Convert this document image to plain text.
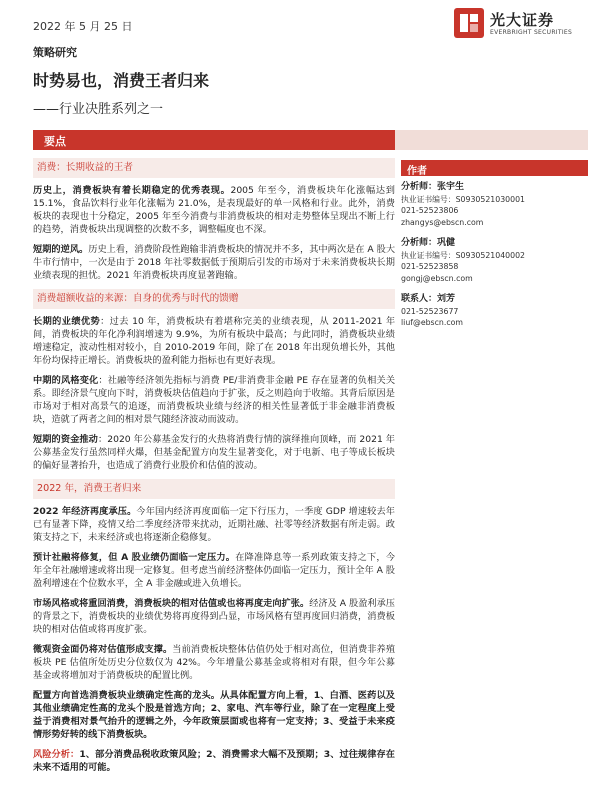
2022 年 5 月 25 日	光大证券
EVERBRIGHT SECURITIES
策略研究
时势易也，消费王者归来
——行业决胜系列之一
要点
消费：长期收益的王者
历史上，消费板块有着长期稳定的优秀表现。2005 年至今，消费板块年化涨幅达到 15.1%，食品饮料行业年化涨幅为 21.0%，是表现最好的单一风格和行业。此外，消费板块的表现也十分稳定，2005 年至今消费与非消费板块的相对走势整体呈现出不断上行的趋势，消费板块出现调整的次数不多，调整幅度也不深。
短期的逆风。历史上看，消费阶段性跑输非消费板块的情况并不多，其中两次是在 A 股大牛市行情中，一次是由于 2018 年社零数据低于预期后引发的市场对于未来消费板块长期业绩表现的担忧。2021 年消费板块再度显著跑输。
消费超额收益的来源：自身的优秀与时代的馈赠
长期的业绩优势：过去 10 年，消费板块有着堪称完美的业绩表现，从 2011-2021 年间，消费板块的年化净利润增速为 9.9%，为所有板块中最高；与此同时，消费板块业绩增速稳定，波动性相对较小，自 2010-2019 年间，除了在 2018 年出现负增长外，其他年份均保持正增长。消费板块的盈利能力指标也有更好表现。
中期的风格变化：社融等经济领先指标与消费 PE/非消费非金融 PE 存在显著的负相关关系。即经济景气度向下时，消费板块估值趋向于扩张，反之则趋向于收缩。其背后原因是市场对于相对高景气的追逐，而消费板块业绩与经济的相关性显著低于非金融非消费板块，造就了两者之间的相对景气随经济波动而波动。
短期的资金推动：2020 年公募基金发行的火热将消费行情的演绎推向顶峰，而 2021 年公募基金发行虽然同样火爆，但基金配置方向发生显著变化，对于电新、电子等成长板块的偏好显著抬升，也造成了消费行业股价和估值的波动。
2022 年，消费王者归来
2022 年经济再度承压。今年国内经济再度面临一定下行压力，一季度 GDP 增速较去年已有显著下降，疫情又给二季度经济带来扰动，近期社融、社零等经济数据有所走弱。政策支持之下，未来经济或也将逐渐企稳修复。
预计社融将修复，但 A 股业绩仍面临一定压力。在降准降息等一系列政策支持之下，今年全年社融增速或将出现一定修复。但考虑当前经济整体仍面临一定压力，预计全年 A 股盈利增速在个位数水平，全 A 非金融或进入负增长。
市场风格或将重回消费，消费板块的相对估值或也将再度走向扩张。经济及 A 股盈利承压的背景之下，消费板块的业绩优势将再度得到凸显，市场风格有望再度回归消费，消费板块的相对估值或将再度扩张。
微观资金面仍将对估值形成支撑。当前消费板块整体估值仍处于相对高位，但消费非养殖板块 PE 估值所处历史分位数仅为 42%。今年增量公募基金或将相对有限，但今年公募基金或将增加对于消费板块的配置比例。
配置方向首选消费板块业绩确定性高的龙头。从具体配置方向上看，1、白酒、医药以及其他业绩确定性高的龙头个股是首选方向；2、家电、汽车等行业，除了在一定程度上受益于消费相对景气抬升的逻辑之外，今年政策层面或也将有一定支持；3、受益于未来疫情形势好转的线下消费板块。
风险分析：1、部分消费品税收政策风险；2、消费需求大幅不及预期；3、过往规律存在未来不适用的可能。
作者
分析师：张宇生
执业证书编号：S0930521030001
021-52523806
zhangys@ebscn.com
分析师：巩健
执业证书编号：S0930521040002
021-52523858
gongj@ebscn.com
联系人：刘芳
021-52523677
liuf@ebscn.com
